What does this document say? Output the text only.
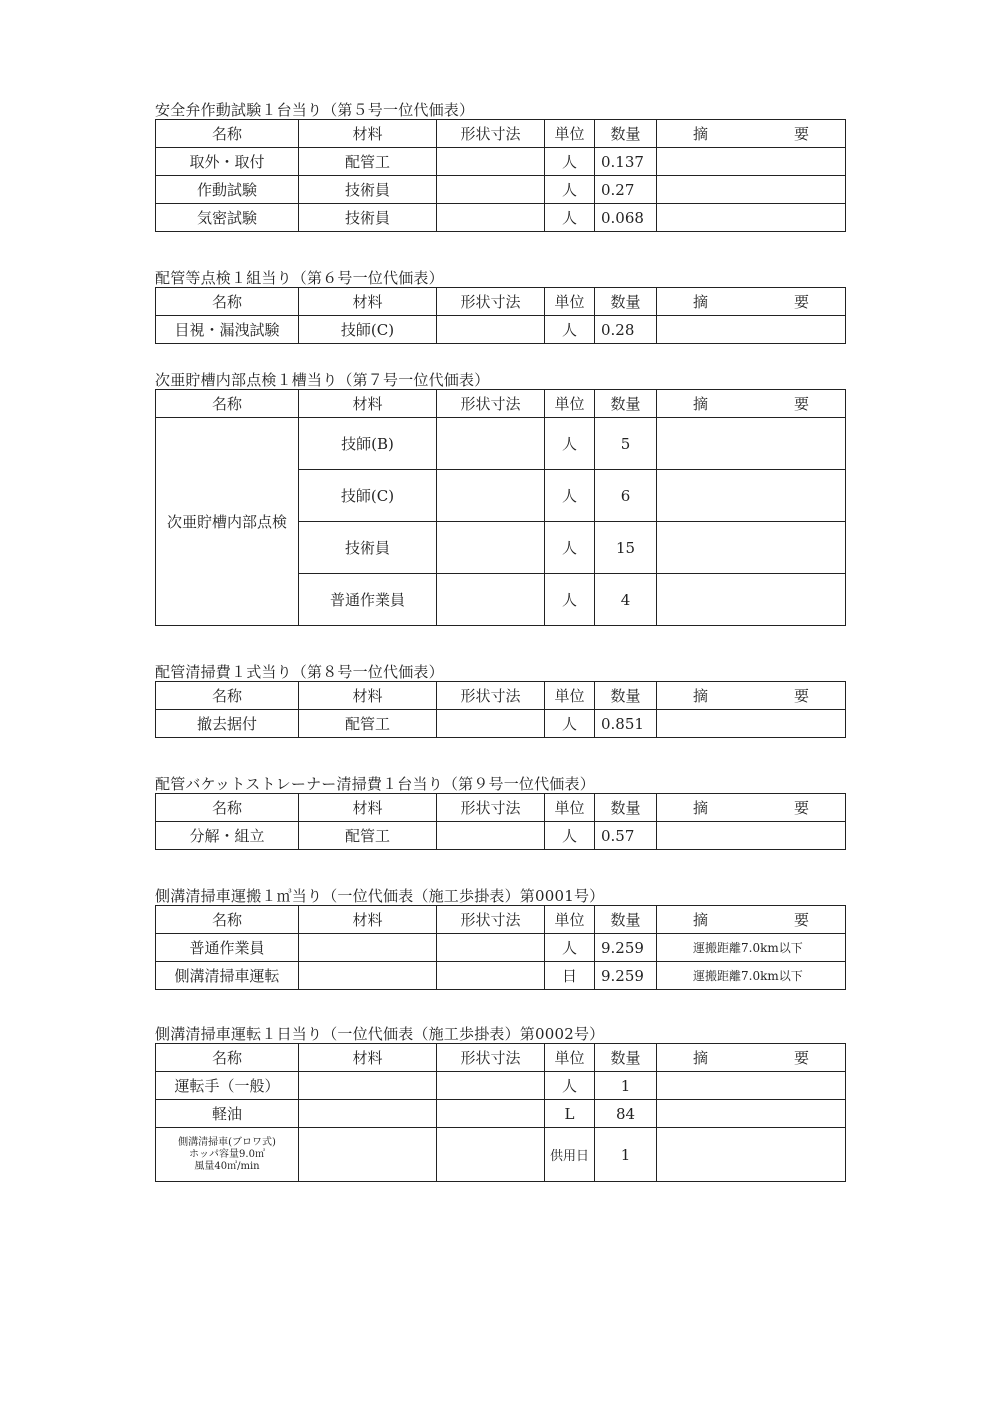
安全弁作動試験１台当り（第５号一位代価表）
名称	材料	形状寸法	単位	数量	摘 要

取外・取付	配管工		人	0.137	
作動試験	技術員		人	0.27	
気密試験	技術員		人	0.068	
配管等点検１組当り（第６号一位代価表）
名称	材料	形状寸法	単位	数量	摘 要

目視・漏洩試験	技師(C)		人	0.28	
次亜貯槽内部点検１槽当り（第７号一位代価表）
名称	材料	形状寸法	単位	数量	摘 要

次亜貯槽内部点検	技師(B)		人	5	
	技師(C)		人	6	
	技術員		人	15	
	普通作業員		人	4	
配管清掃費１式当り（第８号一位代価表）
名称	材料	形状寸法	単位	数量	摘 要

撤去据付	配管工		人	0.851	
配管バケットストレーナー清掃費１台当り（第９号一位代価表）
名称	材料	形状寸法	単位	数量	摘 要

分解・組立	配管工		人	0.57	
側溝清掃車運搬１㎥当り（一位代価表（施工歩掛表）第0001号）
名称	材料	形状寸法	単位	数量	摘 要

普通作業員			人	9.259	運搬距離7.0km以下
側溝清掃車運転			日	9.259	運搬距離7.0km以下
側溝清掃車運転１日当り（一位代価表（施工歩掛表）第0002号）
名称	材料	形状寸法	単位	数量	摘 要

運転手（一般）			人	1	
軽油			L	84	

側溝清掃車(ブロワ式)
ホッパ容量9.0㎥
風量40㎥/min			供用日	1	
